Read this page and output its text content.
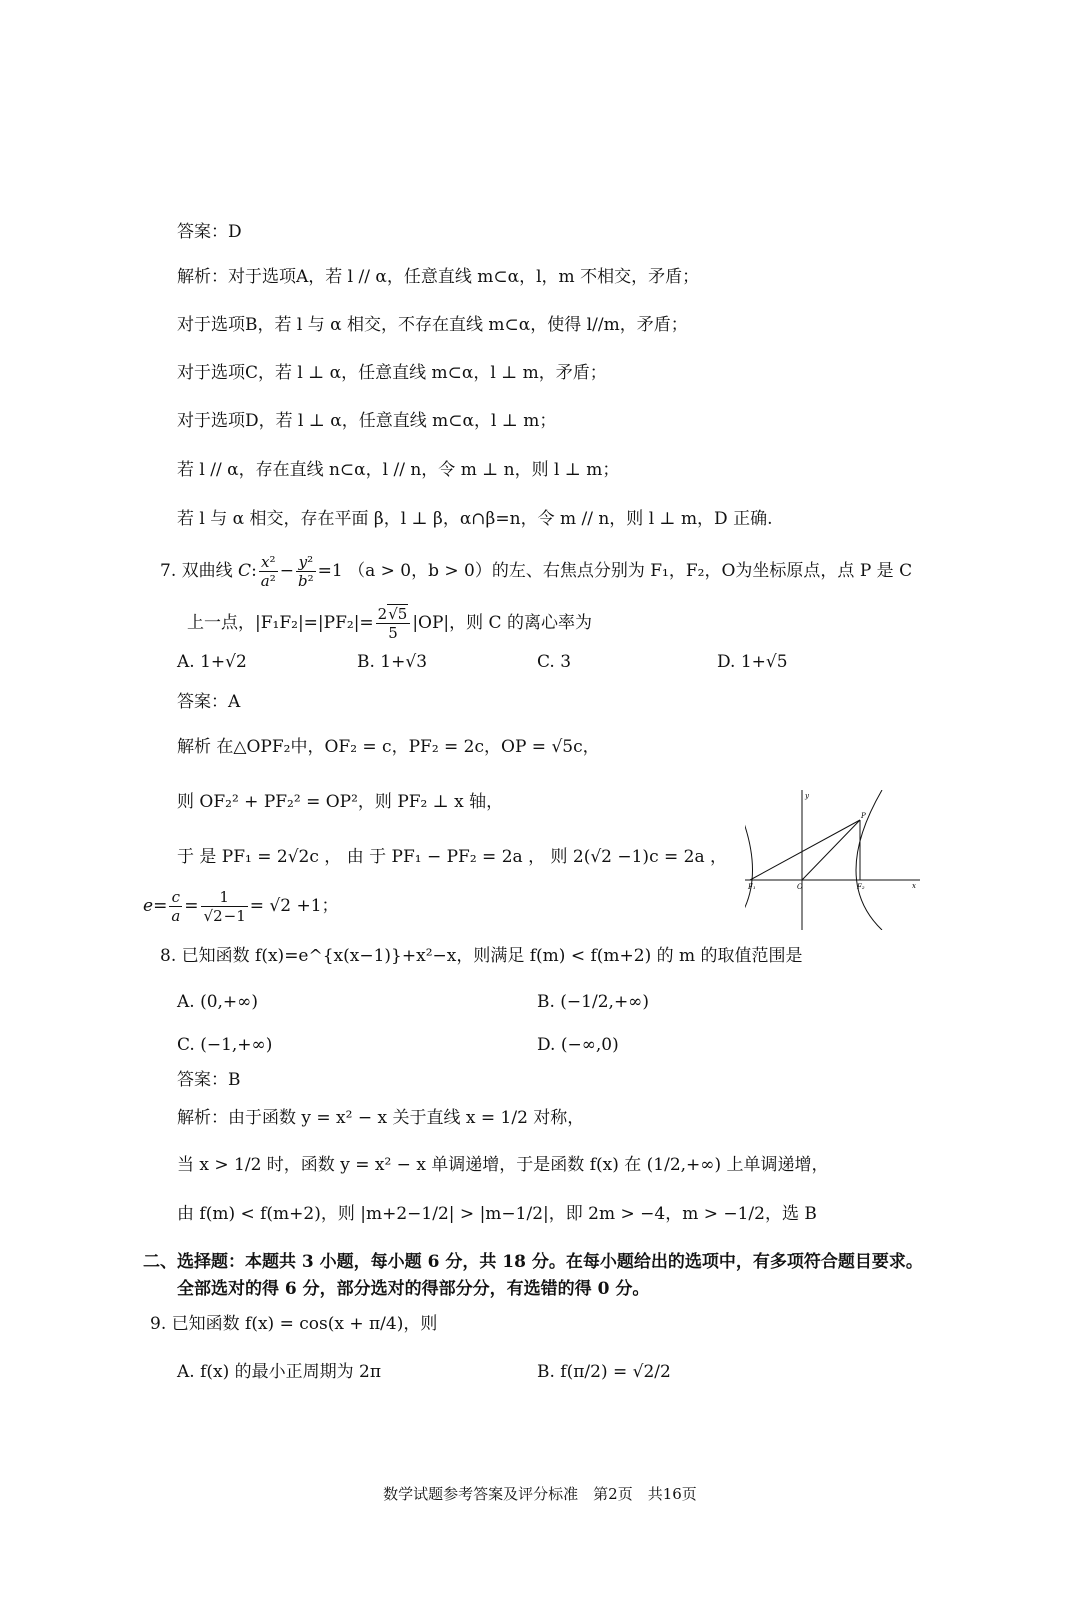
答案：D
解析：对于选项A，若 l // α，任意直线 m⊂α，l，m 不相交，矛盾；
对于选项B，若 l 与 α 相交，不存在直线 m⊂α，使得 l//m，矛盾；
对于选项C，若 l ⊥ α，任意直线 m⊂α，l ⊥ m，矛盾；
对于选项D，若 l ⊥ α，任意直线 m⊂α，l ⊥ m；
若 l // α，存在直线 n⊂α，l // n，令 m ⊥ n，则 l ⊥ m；
若 l 与 α 相交，存在平面 β，l ⊥ β，α∩β=n，令 m // n，则 l ⊥ m，D 正确.
7. 双曲线 C: $\frac{\text{x²}}{\text{a²}} - \frac{\text{y²}}{\text{b²}} =1$ （a > 0，b > 0）的左、右焦点分别为 F₁，F₂，O为坐标原点，点 P 是 C
上一点，$|F_1F_2|=|PF_2|= \frac{2√5}{5} |OP|$，则 C 的离心率为
A. 1+√2	B. 1+√3	C. 3	D. 1+√5
答案：A
解析 在△OPF₂中，OF₂ = c，PF₂ = 2c，OP = √5c，
则 OF₂² + PF₂² = OP²，则 PF₂ ⊥ x 轴，
于 是 PF₁ = 2√2c ， 由 于 PF₁ − PF₂ = 2a ， 则 2(√2 −1)c = 2a ，
$e= \frac{c}{a} = \frac{1}{√2-1} = √2 +1$；
y
P
F₁	O	F₂	x
8. 已知函数 f(x)=e^{x(x−1)}+x²−x，则满足 f(m) < f(m+2) 的 m 的取值范围是
A. (0,+∞)	B. (−1/2,+∞)
C. (−1,+∞)	D. (−∞,0)
答案：B
解析：由于函数 y = x² − x 关于直线 x = 1/2 对称，
当 x > 1/2 时，函数 y = x² − x 单调递增，于是函数 f(x) 在 (1/2,+∞) 上单调递增，
由 f(m) < f(m+2)，则 |m+2−1/2| > |m−1/2|，即 2m > −4，m > −1/2，选 B
二、选择题：本题共 3 小题，每小题 6 分，共 18 分。在每小题给出的选项中，有多项符合题目要求。
全部选对的得 6 分，部分选对的得部分分，有选错的得 0 分。
9. 已知函数 f(x) = cos(x + π/4)，则
A. f(x) 的最小正周期为 2π	B. f(π/2) = √2/2
数学试题参考答案及评分标准　第2页　共16页
